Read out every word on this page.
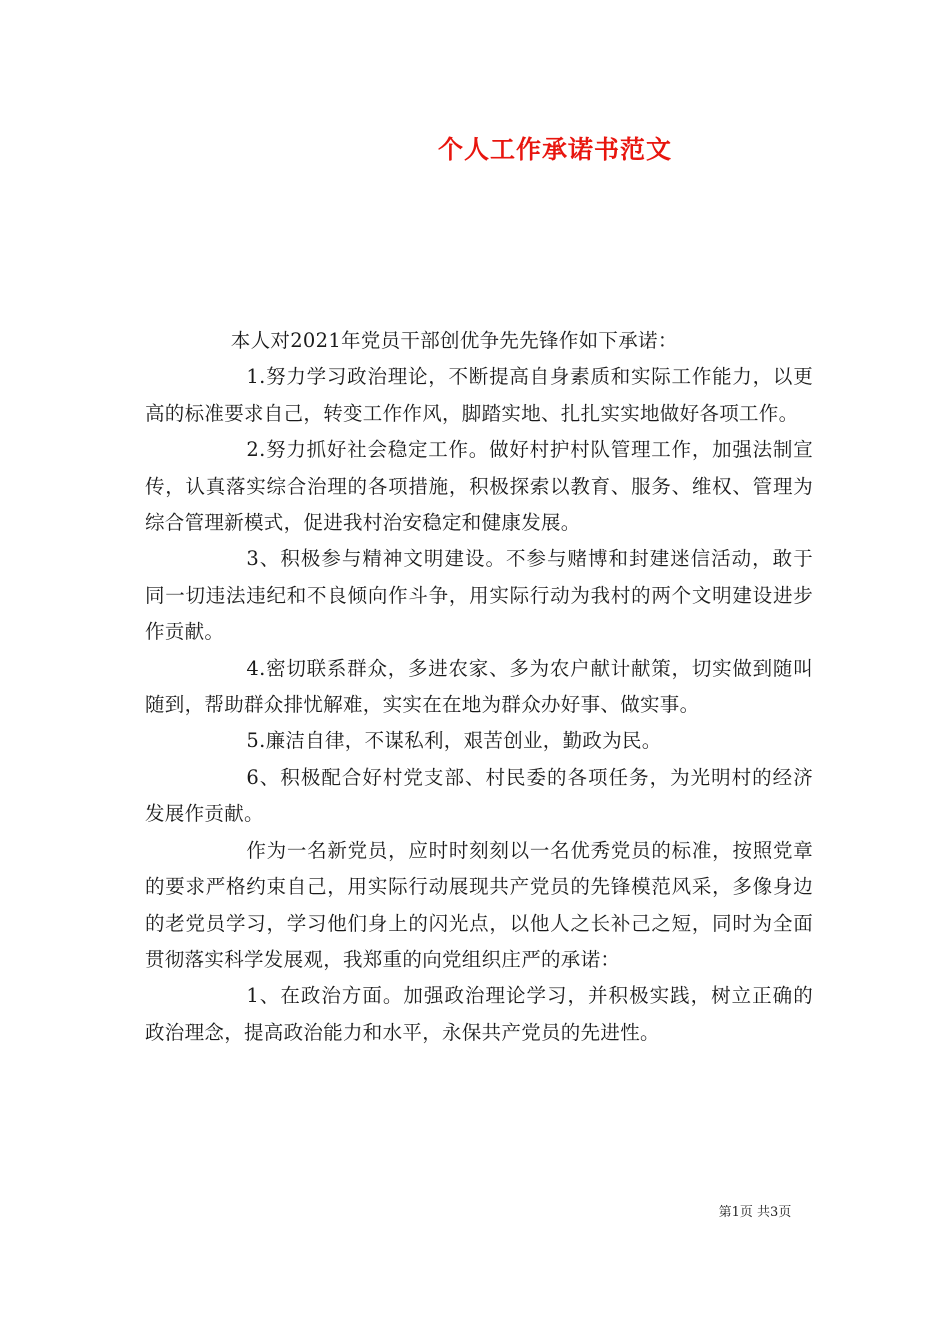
个人工作承诺书范文

本人对2021年党员干部创优争先先锋作如下承诺：

1.努力学习政治理论，不断提高自身素质和实际工作能力，以更高的标准要求自己，转变工作作风，脚踏实地、扎扎实实地做好各项工作。

2.努力抓好社会稳定工作。做好村护村队管理工作，加强法制宣传，认真落实综合治理的各项措施，积极探索以教育、服务、维权、管理为综合管理新模式，促进我村治安稳定和健康发展。

3、积极参与精神文明建设。不参与赌博和封建迷信活动，敢于同一切违法违纪和不良倾向作斗争，用实际行动为我村的两个文明建设进步作贡献。

4.密切联系群众，多进农家、多为农户献计献策，切实做到随叫随到，帮助群众排忧解难，实实在在地为群众办好事、做实事。

5.廉洁自律，不谋私利，艰苦创业，勤政为民。

6、积极配合好村党支部、村民委的各项任务，为光明村的经济发展作贡献。

作为一名新党员，应时时刻刻以一名优秀党员的标准，按照党章的要求严格约束自己，用实际行动展现共产党员的先锋模范风采，多像身边的老党员学习，学习他们身上的闪光点，以他人之长补己之短，同时为全面贯彻落实科学发展观，我郑重的向党组织庄严的承诺：

1、在政治方面。加强政治理论学习，并积极实践，树立正确的政治理念，提高政治能力和水平，永保共产党员的先进性。

第1页 共3页
